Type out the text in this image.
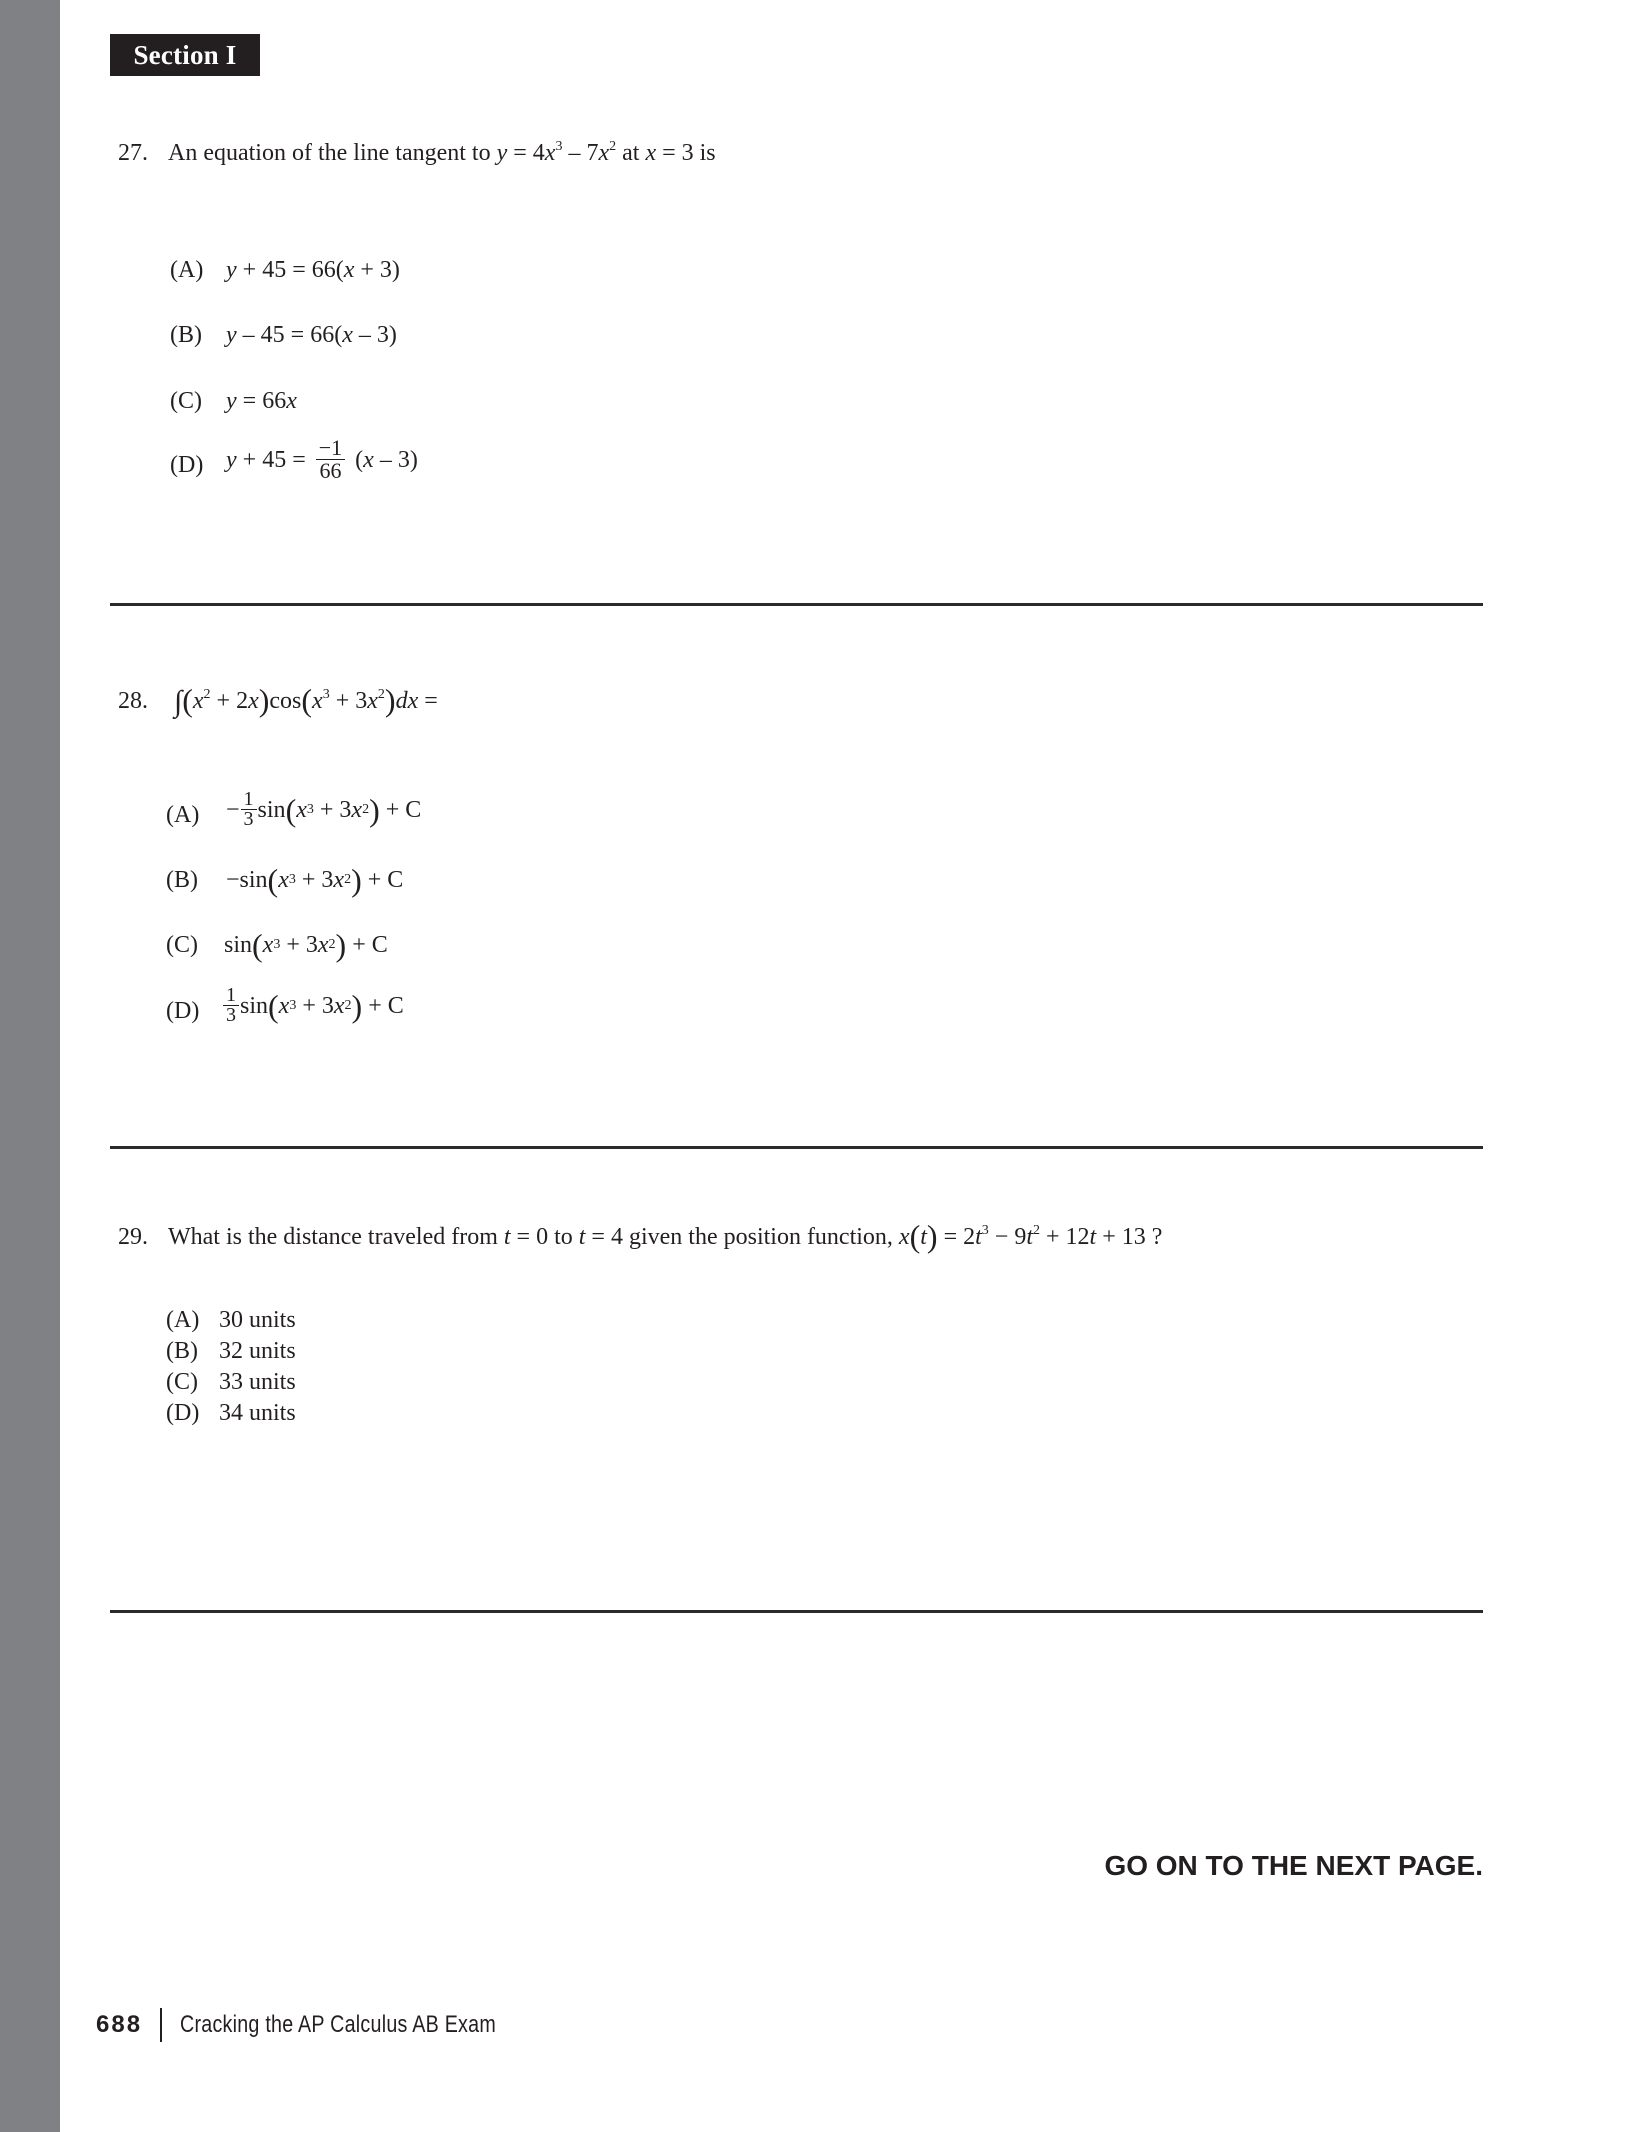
Section I
27. An equation of the line tangent to $y = 4x^3 - 7x^2$ at x = 3 is
(A) y + 45 = 66( x + 3)
(B) y – 45 = 66( x – 3)
(C) y = 66 x
(D) $y + 45 = \frac{-1}{66}$ ( x – 3)
28. $\int(x^2 + 2x)\cos(x^3 + 3x^2)dx$ =
$(A) - \frac{1}{3}$ sin ( x 3 + 3 x 2 ) + C
(B) −sin ( x 3 + 3 x 2 ) + C
(C) sin ( x 3 + 3 x 2 ) + C
$(D) \frac{1}{3}$ sin ( x 3 + 3 x 2 ) + C
29. What is the distance traveled from t = 0 to t = 4 given the position function, $x(t) = 2t^3 - 9t^2 + 12t + 13$ ?
(A) 30 units
(B) 32 units
(C) 33 units
(D) 34 units
GO ON TO THE NEXT PAGE.
688 Cracking the AP Calculus AB Exam
